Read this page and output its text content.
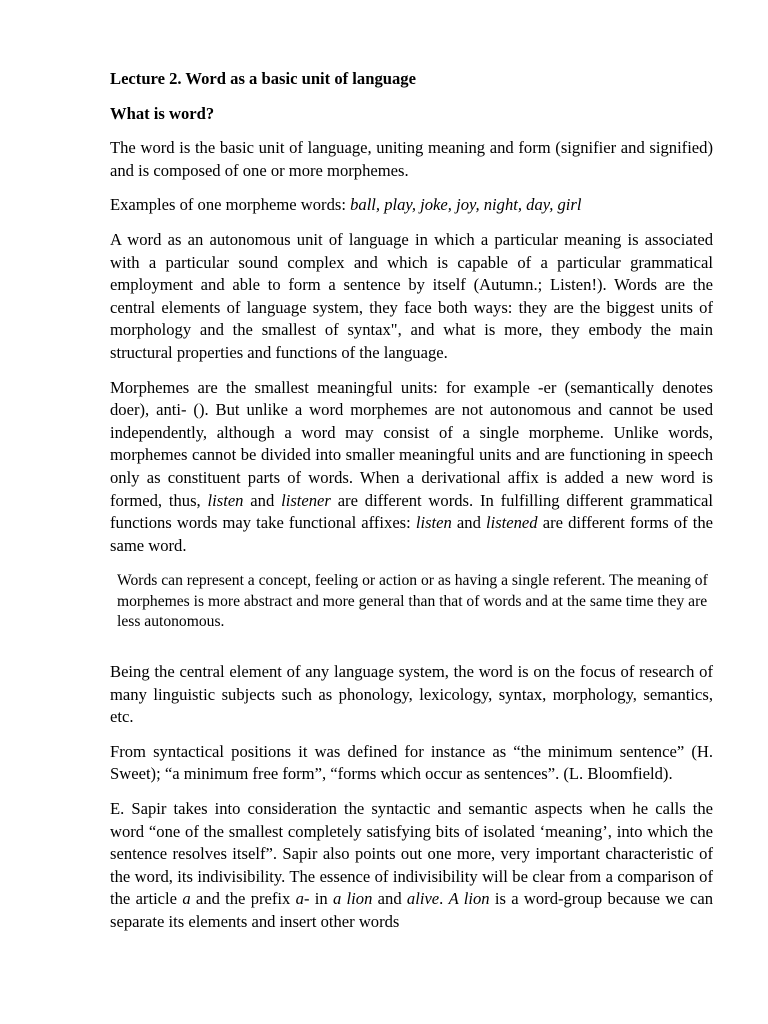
Lecture 2. Word as a basic unit of language
What is word?

The word is the basic unit of language, uniting meaning and form (signifier and signified) and is composed of one or more morphemes.

Examples of one morpheme words: ball, play, joke, joy, night, day, girl

A word as an autonomous unit of language in which a particular meaning is associated with a particular sound complex and which is capable of a particular grammatical employment and able to form a sentence by itself (Autumn.; Listen!). Words are the central elements of language system, they face both ways: they are the biggest units of morphology and the smallest of syntax", and what is more, they embody the main structural properties and functions of the language.

Morphemes are the smallest meaningful units: for example -er (semantically denotes doer), anti- (). But unlike a word morphemes are not autonomous and cannot be used independently, although a word may consist of a single morpheme. Unlike words, morphemes cannot be divided into smaller meaningful units and are functioning in speech only as constituent parts of words. When a derivational affix is added a new word is formed, thus, listen and listener are different words. In fulfilling different grammatical functions words may take functional affixes: listen and listened are different forms of the same word.

Words can represent a concept, feeling or action or as having a single referent. The meaning of morphemes is more abstract and more general than that of words and at the same time they are less autonomous.

Being the central element of any language system, the word is on the focus of research of many linguistic subjects such as phonology, lexicology, syntax, morphology, semantics, etc.

From syntactical positions it was defined for instance as “the minimum sentence” (H. Sweet); “a minimum free form”, “forms which occur as sentences”. (L. Bloomfield).

E. Sapir takes into consideration the syntactic and semantic aspects when he calls the word “one of the smallest completely satisfying bits of isolated ‘meaning’, into which the sentence resolves itself”. Sapir also points out one more, very important characteristic of the word, its indivisibility. The essence of indivisibility will be clear from a comparison of the article a and the prefix a- in a lion and alive. A lion is a word-group because we can separate its elements and insert other words
